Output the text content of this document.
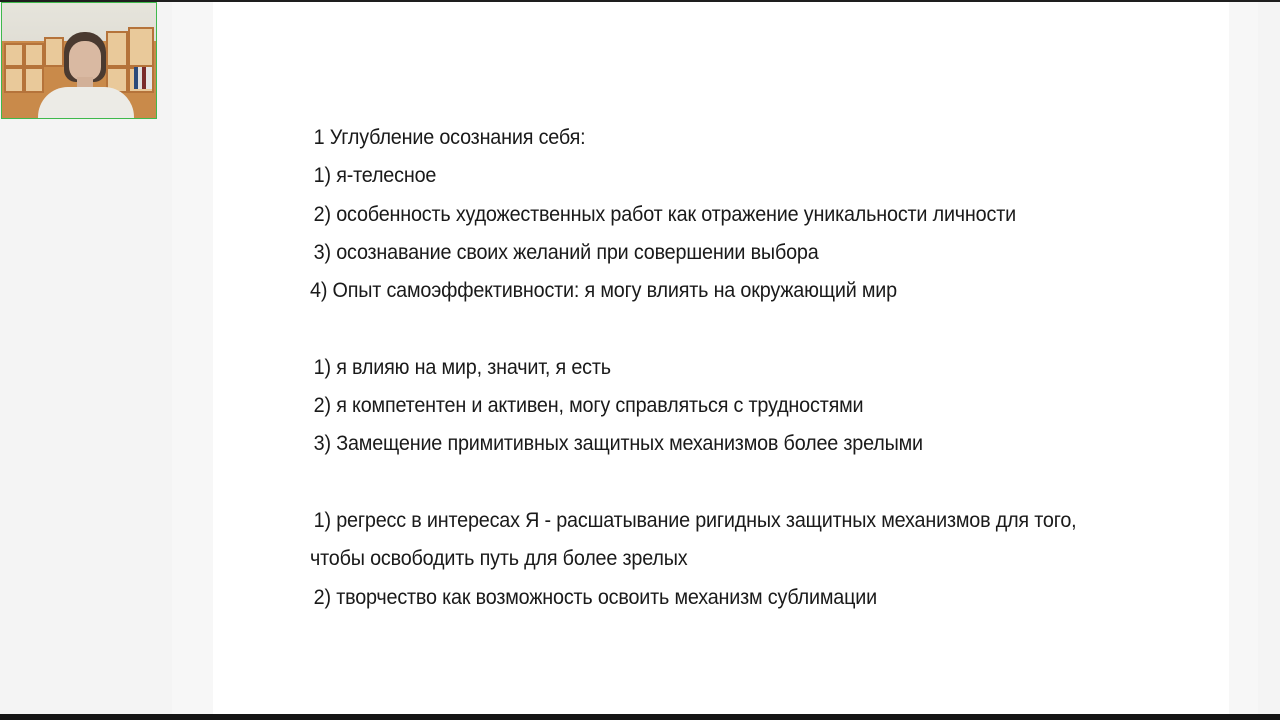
1 Углубление осознания себя:
1) я-телесное
2) особенность художественных работ как отражение уникальности личности
3) осознавание своих желаний при совершении выбора
4) Опыт самоэффективности: я могу влиять на окружающий мир
1) я влияю на мир, значит, я есть
2) я компетентен и активен, могу справляться с трудностями
3) Замещение примитивных защитных механизмов более зрелыми
1) регресс в интересах Я - расшатывание ригидных защитных механизмов для того,
чтобы освободить путь для более зрелых
2) творчество как возможность освоить механизм сублимации
